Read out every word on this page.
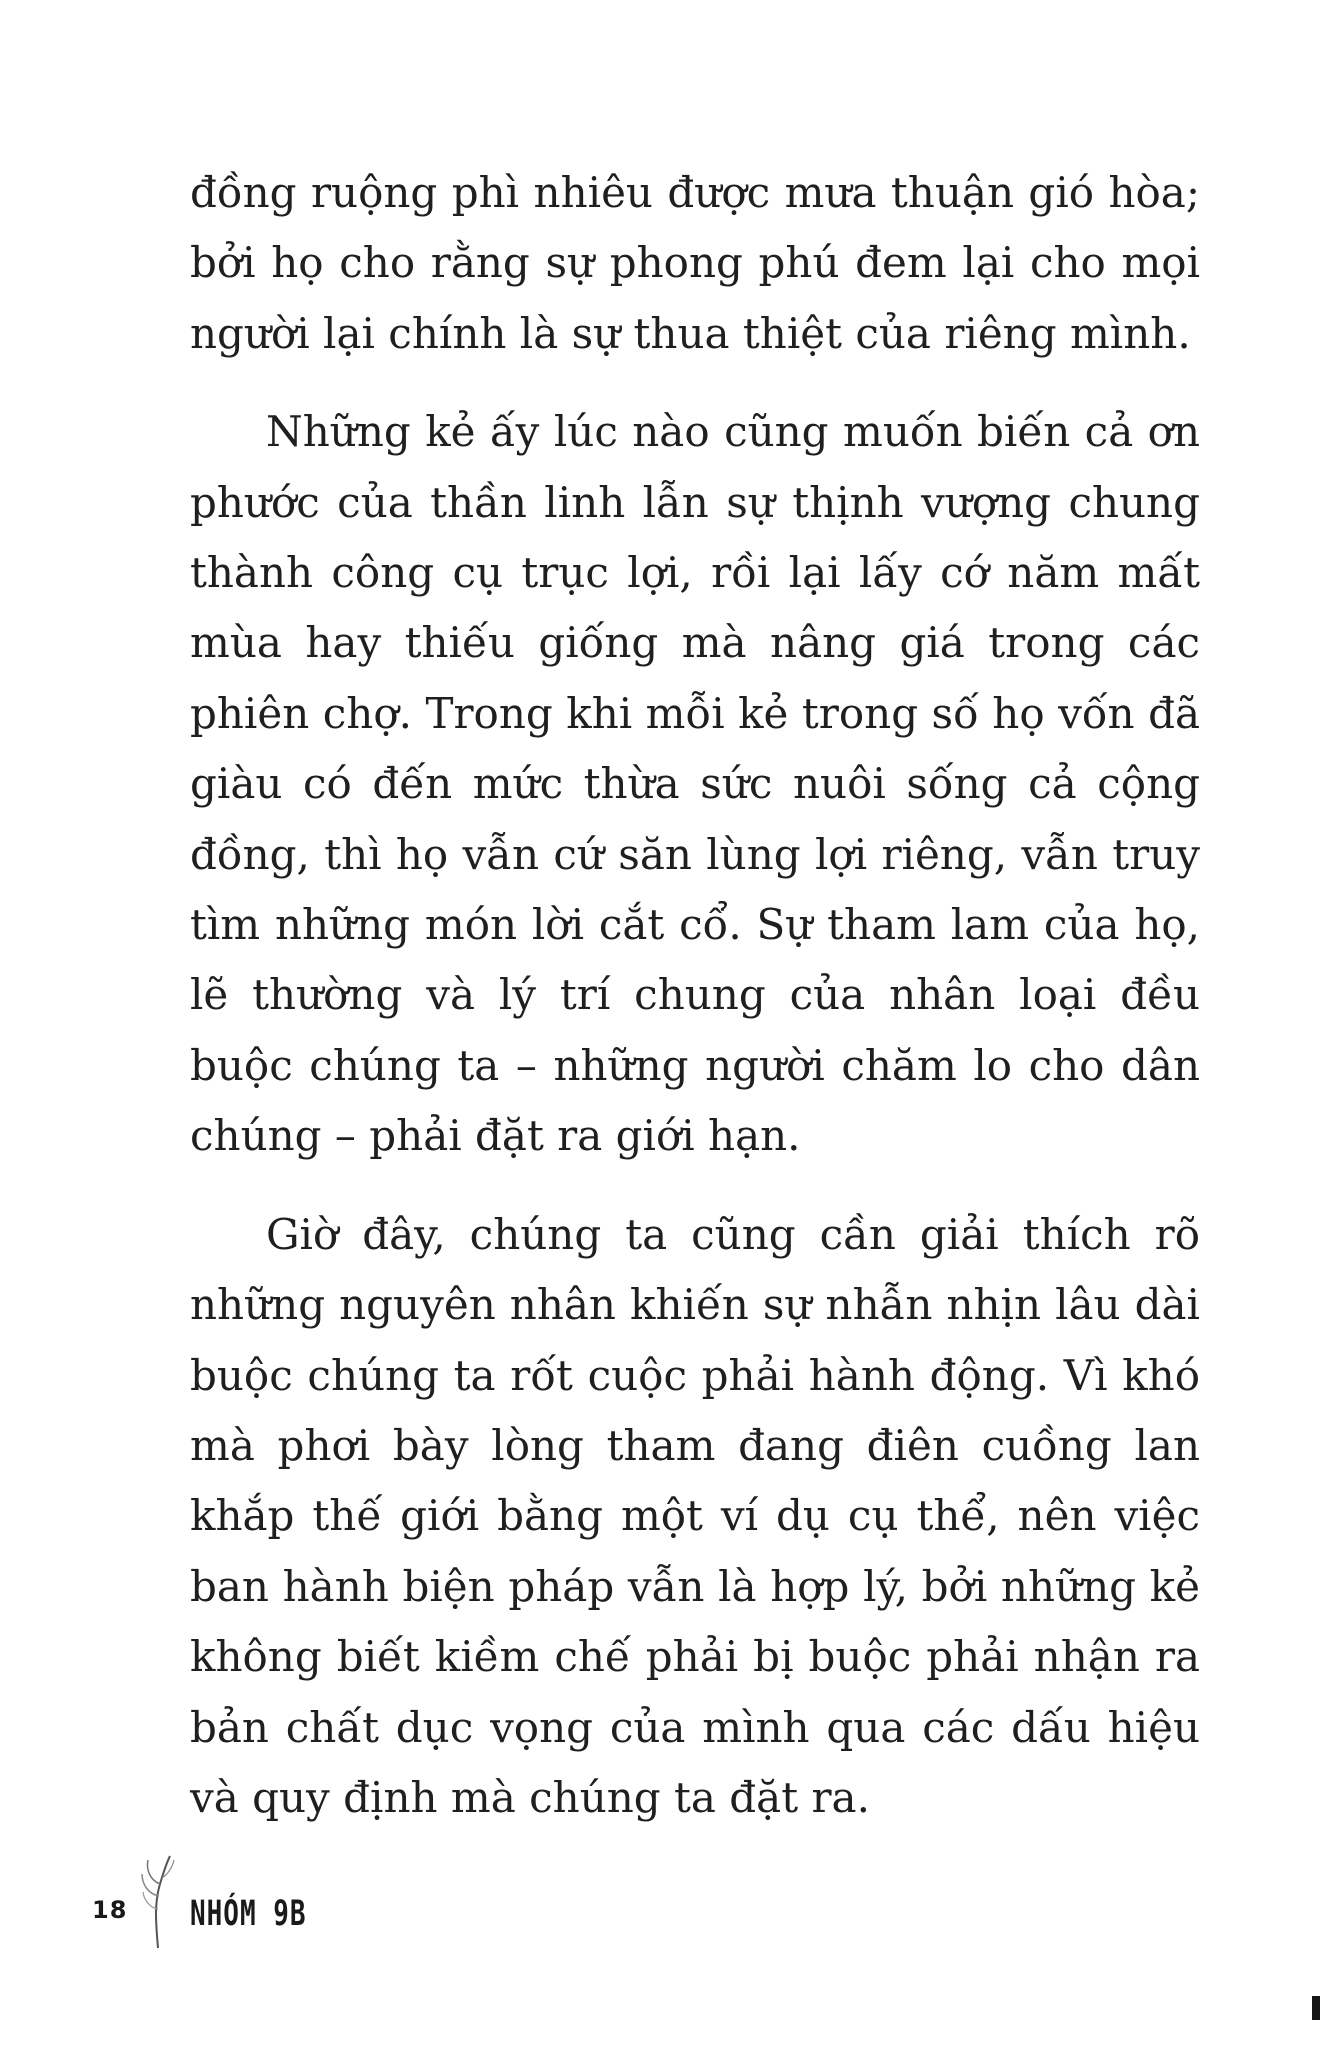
đồng ruộng phì nhiêu được mưa thuận gió hòa; bởi họ cho rằng sự phong phú đem lại cho mọi người lại chính là sự thua thiệt của riêng mình.

Những kẻ ấy lúc nào cũng muốn biến cả ơn phước của thần linh lẫn sự thịnh vượng chung thành công cụ trục lợi, rồi lại lấy cớ năm mất mùa hay thiếu giống mà nâng giá trong các phiên chợ. Trong khi mỗi kẻ trong số họ vốn đã giàu có đến mức thừa sức nuôi sống cả cộng đồng, thì họ vẫn cứ săn lùng lợi riêng, vẫn truy tìm những món lời cắt cổ. Sự tham lam của họ, lẽ thường và lý trí chung của nhân loại đều buộc chúng ta – những người chăm lo cho dân chúng – phải đặt ra giới hạn.

Giờ đây, chúng ta cũng cần giải thích rõ những nguyên nhân khiến sự nhẫn nhịn lâu dài buộc chúng ta rốt cuộc phải hành động. Vì khó mà phơi bày lòng tham đang điên cuồng lan khắp thế giới bằng một ví dụ cụ thể, nên việc ban hành biện pháp vẫn là hợp lý, bởi những kẻ không biết kiềm chế phải bị buộc phải nhận ra bản chất dục vọng của mình qua các dấu hiệu và quy định mà chúng ta đặt ra.

18 NHÓM 9B
